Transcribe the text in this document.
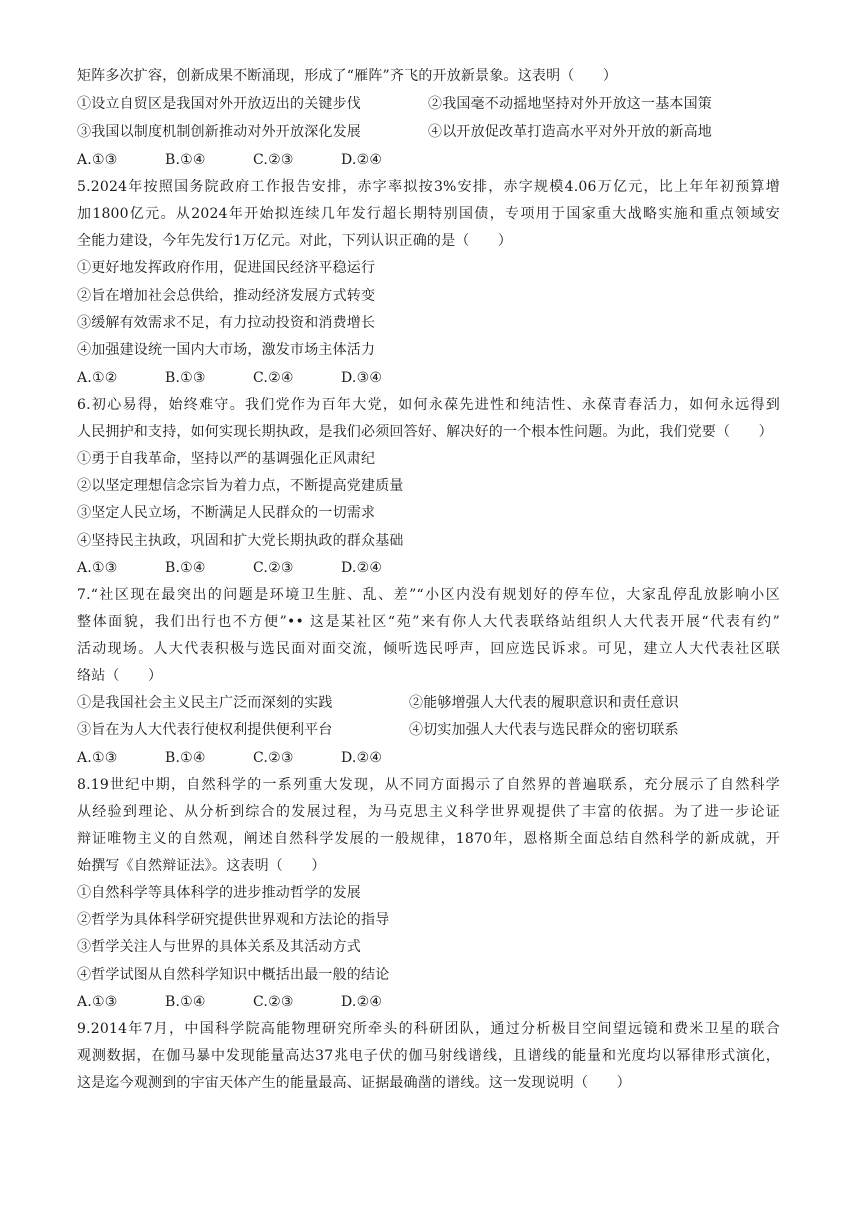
矩阵多次扩容，创新成果不断涌现，形成了“雁阵”齐飞的开放新景象。这表明（　　）
①设立自贸区是我国对外开放迈出的关键步伐	②我国毫不动摇地坚持对外开放这一基本国策
③我国以制度机制创新推动对外开放深化发展	④以开放促改革打造高水平对外开放的新高地
A.①③	B.①④	C.②③	D.②④
5.2024年按照国务院政府工作报告安排，赤字率拟按3%安排，赤字规模4.06万亿元，比上年年初预算增
加1800亿元。从2024年开始拟连续几年发行超长期特别国债，专项用于国家重大战略实施和重点领域安
全能力建设，今年先发行1万亿元。对此，下列认识正确的是（　　）
①更好地发挥政府作用，促进国民经济平稳运行
②旨在增加社会总供给，推动经济发展方式转变
③缓解有效需求不足，有力拉动投资和消费增长
④加强建设统一国内大市场，激发市场主体活力
A.①②	B.①③	C.②④	D.③④
6.初心易得，始终难守。我们党作为百年大党，如何永葆先进性和纯洁性、永葆青春活力，如何永远得到
人民拥护和支持，如何实现长期执政，是我们必须回答好、解决好的一个根本性问题。为此，我们党要（　　）
①勇于自我革命，坚持以严的基调强化正风肃纪
②以坚定理想信念宗旨为着力点，不断提高党建质量
③坚定人民立场，不断满足人民群众的一切需求
④坚持民主执政，巩固和扩大党长期执政的群众基础
A.①③	B.①④	C.②③	D.②④
7.“社区现在最突出的问题是环境卫生脏、乱、差”“小区内没有规划好的停车位，大家乱停乱放影响小区
整体面貌，我们出行也不方便”•• 这是某社区“苑”来有你人大代表联络站组织人大代表开展“代表有约”
活动现场。人大代表积极与选民面对面交流，倾听选民呼声，回应选民诉求。可见，建立人大代表社区联
络站（　　）
①是我国社会主义民主广泛而深刻的实践	②能够增强人大代表的履职意识和责任意识
③旨在为人大代表行使权利提供便利平台	④切实加强人大代表与选民群众的密切联系
A.①③	B.①④	C.②③	D.②④
8.19世纪中期，自然科学的一系列重大发现，从不同方面揭示了自然界的普遍联系，充分展示了自然科学
从经验到理论、从分析到综合的发展过程，为马克思主义科学世界观提供了丰富的依据。为了进一步论证
辩证唯物主义的自然观，阐述自然科学发展的一般规律，1870年，恩格斯全面总结自然科学的新成就，开
始撰写《自然辩证法》。这表明（　　）
①自然科学等具体科学的进步推动哲学的发展
②哲学为具体科学研究提供世界观和方法论的指导
③哲学关注人与世界的具体关系及其活动方式
④哲学试图从自然科学知识中概括出最一般的结论
A.①③	B.①④	C.②③	D.②④
9.2014年7月，中国科学院高能物理研究所牵头的科研团队，通过分析极目空间望远镜和费米卫星的联合
观测数据，在伽马暴中发现能量高达37兆电子伏的伽马射线谱线，且谱线的能量和光度均以幂律形式演化，
这是迄今观测到的宇宙天体产生的能量最高、证据最确凿的谱线。这一发现说明（　　）
